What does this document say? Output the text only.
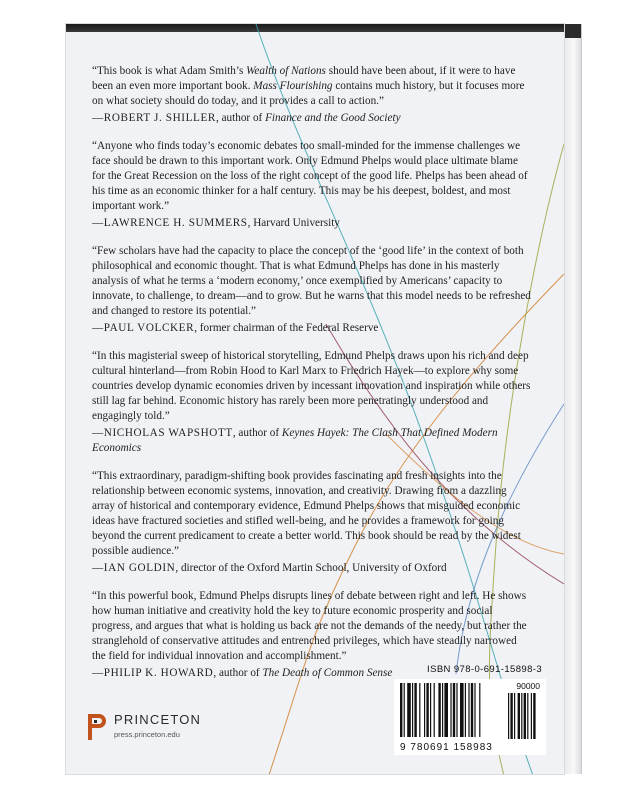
“This book is what Adam Smith’s Wealth of Nations should have been about, if it were to have been an even more important book. Mass Flourishing contains much history, but it focuses more on what society should do today, and it provides a call to action.”
—ROBERT J. SHILLER, author of Finance and the Good Society
“Anyone who finds today’s economic debates too small-minded for the immense challenges we face should be drawn to this important work. Only Edmund Phelps would place ultimate blame for the Great Recession on the loss of the right concept of the good life. Phelps has been ahead of his time as an economic thinker for a half century. This may be his deepest, boldest, and most important work.”
—LAWRENCE H. SUMMERS, Harvard University
“Few scholars have had the capacity to place the concept of the ‘good life’ in the context of both philosophical and economic thought. That is what Edmund Phelps has done in his masterly analysis of what he terms a ‘modern economy,’ once exemplified by Americans’ capacity to innovate, to challenge, to dream—and to grow. But he warns that this model needs to be refreshed and changed to restore its potential.”
—PAUL VOLCKER, former chairman of the Federal Reserve
“In this magisterial sweep of historical storytelling, Edmund Phelps draws upon his rich and deep cultural hinterland—from Robin Hood to Karl Marx to Friedrich Hayek—to explore why some countries develop dynamic economies driven by incessant innovation and inspiration while others still lag far behind. Economic history has rarely been more penetratingly understood and engagingly told.”
—NICHOLAS WAPSHOTT, author of Keynes Hayek: The Clash That Defined Modern Economics
“This extraordinary, paradigm-shifting book provides fascinating and fresh insights into the relationship between economic systems, innovation, and creativity. Drawing from a dazzling array of historical and contemporary evidence, Edmund Phelps shows that misguided economic ideas have fractured societies and stifled well-being, and he provides a framework for going beyond the current predicament to create a better world. This book should be read by the widest possible audience.”
—IAN GOLDIN, director of the Oxford Martin School, University of Oxford
“In this powerful book, Edmund Phelps disrupts lines of debate between right and left. He shows how human initiative and creativity hold the key to future economic prosperity and social progress, and argues that what is holding us back are not the demands of the needy, but rather the stranglehold of conservative attitudes and entrenched privileges, which have steadily narrowed the field for individual innovation and accomplishment.”
—PHILIP K. HOWARD, author of The Death of Common Sense
PRINCETON
press.princeton.edu
ISBN 978-0-691-15898-3
90000
9 780691 158983
